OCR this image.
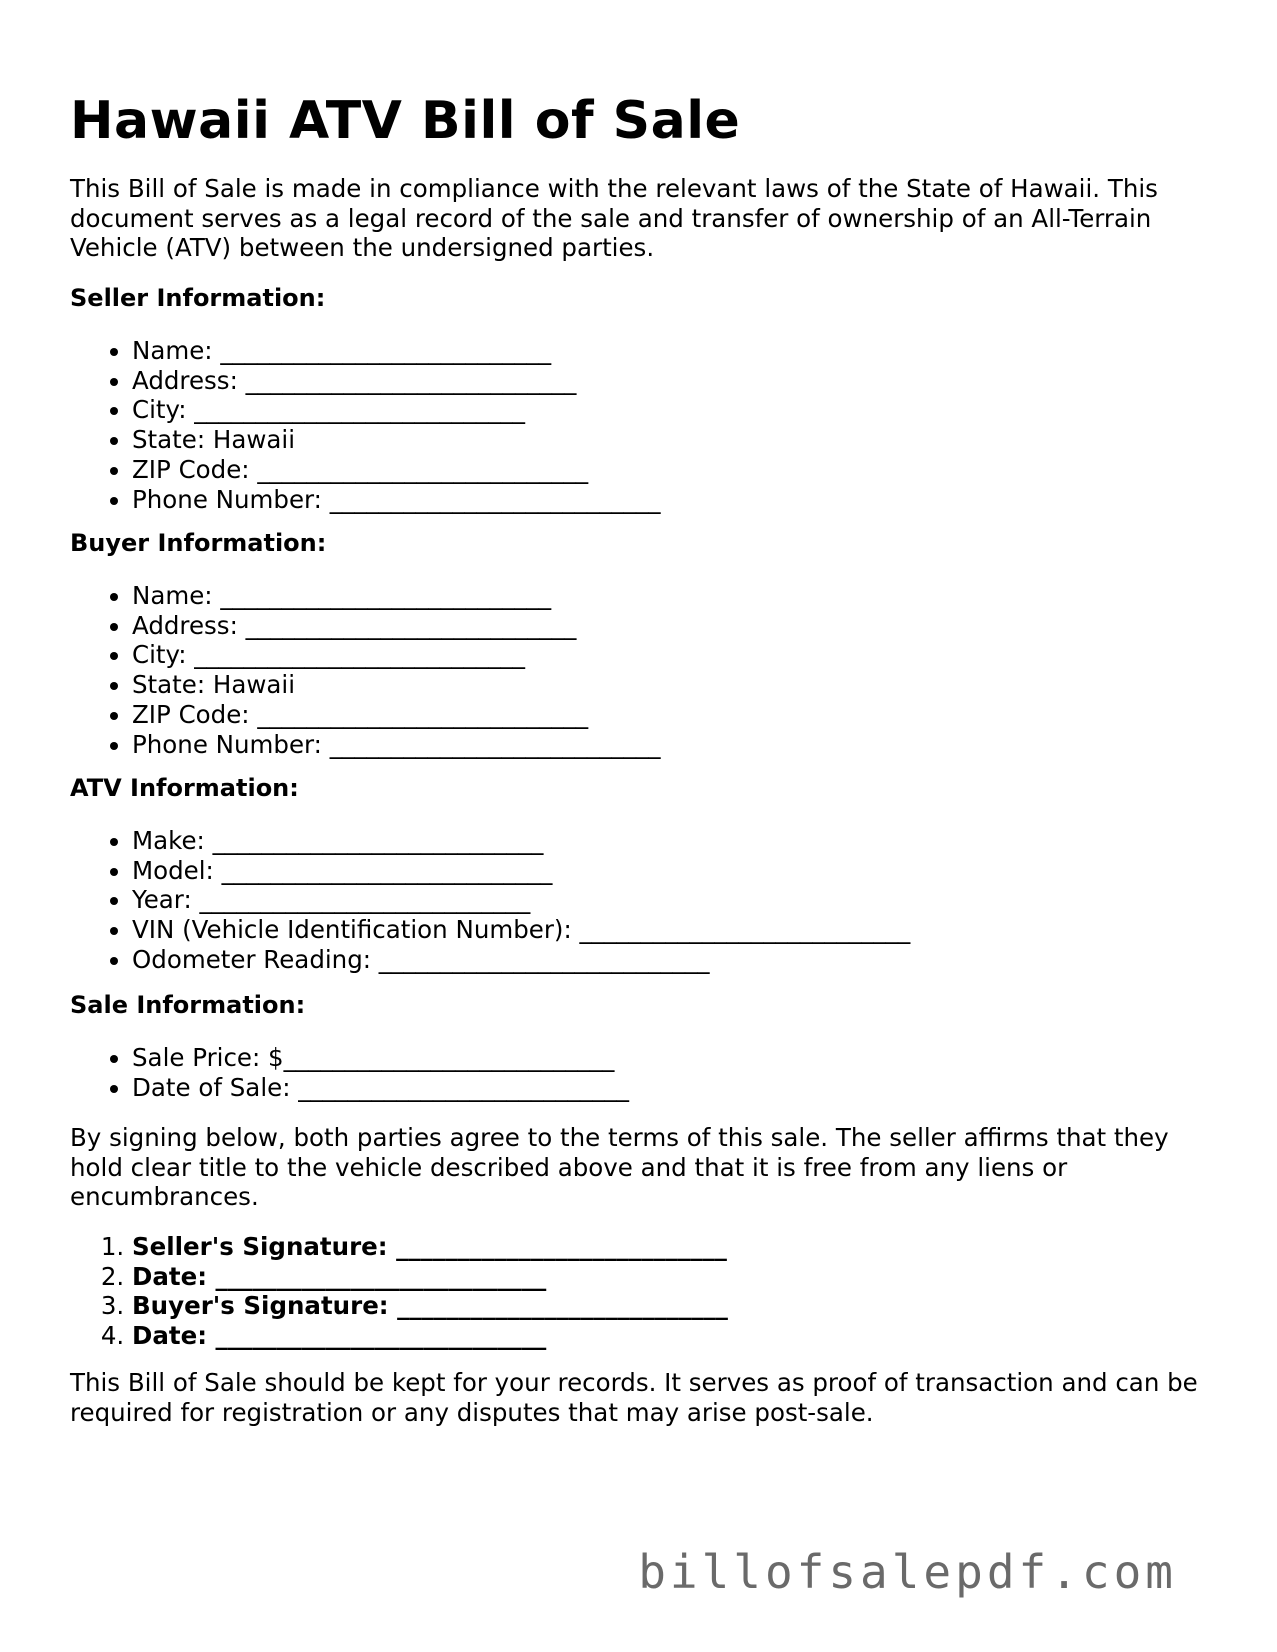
Hawaii ATV Bill of Sale

This Bill of Sale is made in compliance with the relevant laws of the State of Hawaii. This document serves as a legal record of the sale and transfer of ownership of an All-Terrain Vehicle (ATV) between the undersigned parties.

Seller Information:
• Name: ___________________________
• Address: ___________________________
• City: ___________________________
• State: Hawaii
• ZIP Code: ___________________________
• Phone Number: ___________________________
Buyer Information:
• Name: ___________________________
• Address: ___________________________
• City: ___________________________
• State: Hawaii
• ZIP Code: ___________________________
• Phone Number: ___________________________
ATV Information:
• Make: ___________________________
• Model: ___________________________
• Year: ___________________________
• VIN (Vehicle Identification Number): ___________________________
• Odometer Reading: ___________________________
Sale Information:
• Sale Price: $___________________________
• Date of Sale: ___________________________

By signing below, both parties agree to the terms of this sale. The seller affirms that they hold clear title to the vehicle described above and that it is free from any liens or encumbrances.

1. Seller's Signature: ___________________________
2. Date: ___________________________
3. Buyer's Signature: ___________________________
4. Date: ___________________________

This Bill of Sale should be kept for your records. It serves as proof of transaction and can be required for registration or any disputes that may arise post-sale.

billofsalepdf.com
